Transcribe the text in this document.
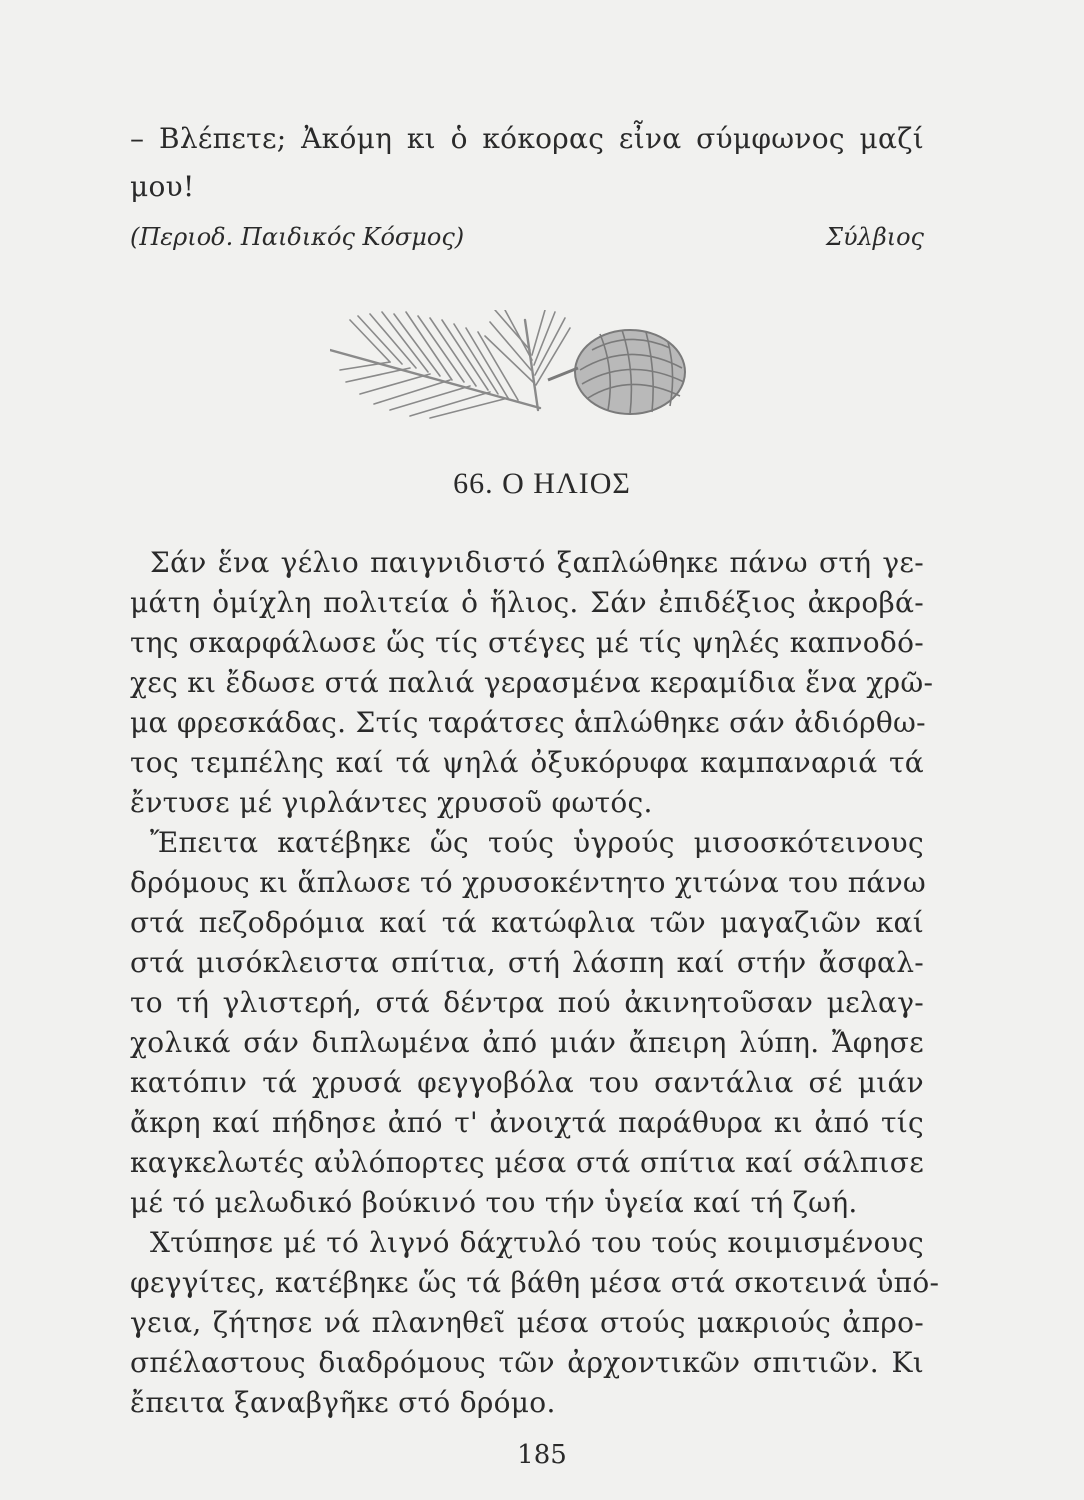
– Βλέπετε; Ἀκόμη κι ὁ κόκορας εἶνα σύμφωνος μαζί
μου!
(Περιοδ. Παιδικός Κόσμος)	Σύλβιος
66. Ο ΗΛΙΟΣ
Σάν ἕνα γέλιο παιγνιδιστό ξαπλώθηκε πάνω στή γε-
μάτη ὁμίχλη πολιτεία ὁ ἥλιος. Σάν ἐπιδέξιος ἀκροβά-
της σκαρφάλωσε ὥς τίς στέγες μέ τίς ψηλές καπνοδό-
χες κι ἔδωσε στά παλιά γερασμένα κεραμίδια ἕνα χρῶ-
μα φρεσκάδας. Στίς ταράτσες ἁπλώθηκε σάν ἀδιόρθω-
τος τεμπέλης καί τά ψηλά ὀξυκόρυφα καμπαναριά τά
ἔντυσε μέ γιρλάντες χρυσοῦ φωτός.
Ἔπειτα κατέβηκε ὥς τούς ὑγρούς μισοσκότεινους
δρόμους κι ἅπλωσε τό χρυσοκέντητο χιτώνα του πάνω
στά πεζοδρόμια καί τά κατώφλια τῶν μαγαζιῶν καί
στά μισόκλειστα σπίτια, στή λάσπη καί στήν ἄσφαλ-
το τή γλιστερή, στά δέντρα πού ἀκινητοῦσαν μελαγ-
χολικά σάν διπλωμένα ἀπό μιάν ἄπειρη λύπη. Ἄφησε
κατόπιν τά χρυσά φεγγοβόλα του σαντάλια σέ μιάν
ἄκρη καί πήδησε ἀπό τ' ἀνοιχτά παράθυρα κι ἀπό τίς
καγκελωτές αὐλόπορτες μέσα στά σπίτια καί σάλπισε
μέ τό μελωδικό βούκινό του τήν ὑγεία καί τή ζωή.
Χτύπησε μέ τό λιγνό δάχτυλό του τούς κοιμισμένους
φεγγίτες, κατέβηκε ὥς τά βάθη μέσα στά σκοτεινά ὑπό-
γεια, ζήτησε νά πλανηθεῖ μέσα στούς μακριούς ἀπρο-
σπέλαστους διαδρόμους τῶν ἀρχοντικῶν σπιτιῶν. Κι
ἔπειτα ξαναβγῆκε στό δρόμο.
185
